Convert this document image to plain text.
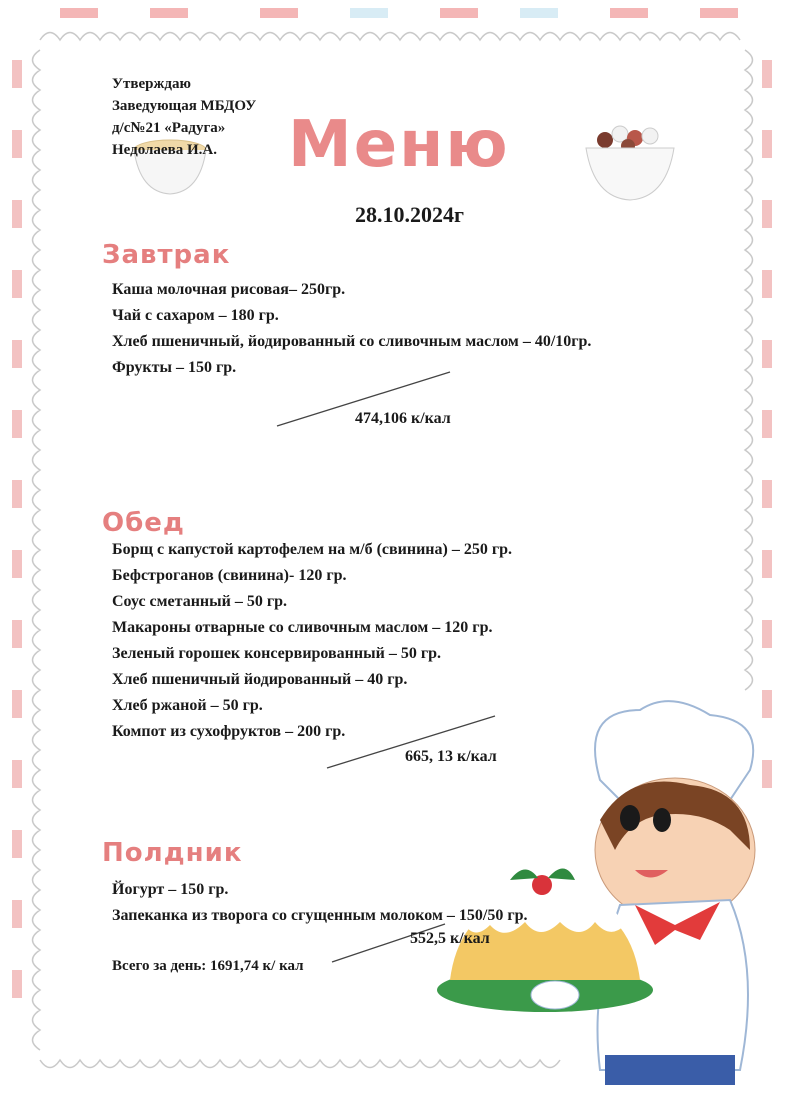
Утверждаю
Заведующая МБДОУ
д/с№21 «Радуга»
Недолаева И.А. Меню
28.10.2024г
Завтрак
Каша молочная рисовая– 250гр.
Чай с сахаром – 180 гр.
Хлеб пшеничный, йодированный со сливочным маслом – 40/10гр.
Фрукты – 150 гр.
474,106 к/кал
Обед
Борщ с капустой картофелем на м/б (свинина) – 250 гр.
Бефстроганов (свинина)- 120 гр.
Соус сметанный – 50 гр.
Макароны отварные со сливочным маслом – 120 гр.
Зеленый горошек консервированный – 50 гр.
Хлеб пшеничный йодированный – 40 гр.
Хлеб ржаной – 50 гр.
Компот из сухофруктов – 200 гр.
665, 13 к/кал
Полдник
Йогурт – 150 гр.
Запеканка из творога со сгущенным молоком – 150/50 гр.
552,5 к/кал
Всего за день: 1691,74 к/ кал
